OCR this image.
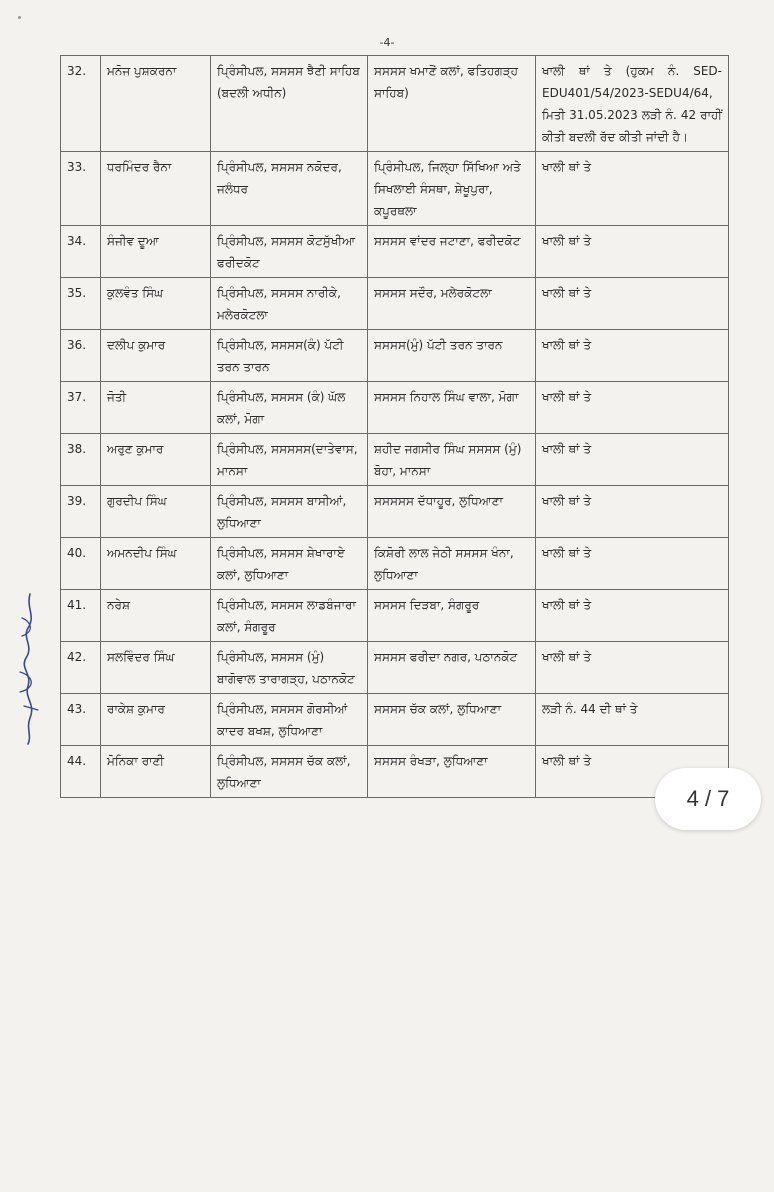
-4-
32.	ਮਨੋਜ ਪੁਸ਼ਕਰਨਾ	ਪ੍ਰਿੰਸੀਪਲ, ਸਸਸਸ ਝੈਣੀ ਸਾਹਿਬ (ਬਦਲੀ ਅਧੀਨ)	ਸਸਸਸ ਖਮਾਣੋਂ ਕਲਾਂ, ਫਤਿਹਗੜ੍ਹ ਸਾਹਿਬ)	ਖਾਲੀ ਥਾਂ ਤੇ (ਹੁਕਮ ਨੰ. SED-EDU401/54/2023-SEDU4/64, ਮਿਤੀ 31.05.2023 ਲੜੀ ਨੰ. 42 ਰਾਹੀਂ ਕੀਤੀ ਬਦਲੀ ਰੱਦ ਕੀਤੀ ਜਾਂਦੀ ਹੈ।
33.	ਧਰਮਿੰਦਰ ਰੈਨਾ	ਪ੍ਰਿੰਸੀਪਲ, ਸਸਸਸ ਨਕੋਦਰ, ਜਲੰਧਰ	ਪ੍ਰਿੰਸੀਪਲ, ਜਿਲ੍ਹਾ ਸਿੱਖਿਆ ਅਤੇ ਸਿਖਲਾਈ ਸੰਸਥਾ, ਸ਼ੇਖੂਪੁਰਾ, ਕਪੂਰਥਲਾ	ਖਾਲੀ ਥਾਂ ਤੇ
34.	ਸੰਜੀਵ ਦੂਆ	ਪ੍ਰਿੰਸੀਪਲ, ਸਸਸਸ ਕੋਟਸੁੱਖੀਆ ਫਰੀਦਕੋਟ	ਸਸਸਸ ਵਾਂਦਰ ਜਟਾਣਾ, ਫਰੀਦਕੋਟ	ਖਾਲੀ ਥਾਂ ਤੇ
35.	ਕੁਲਵੰਤ ਸਿੰਘ	ਪ੍ਰਿੰਸੀਪਲ, ਸਸਸਸ ਨਾਰੀਕੇ, ਮਲੇਰਕੋਟਲਾ	ਸਸਸਸ ਸਦੌਰ, ਮਲੇਰਕੋਟਲਾ	ਖਾਲੀ ਥਾਂ ਤੇ
36.	ਦਲੀਪ ਕੁਮਾਰ	ਪ੍ਰਿੰਸੀਪਲ, ਸਸਸਸ(ਕੰ) ਪੱਟੀ ਤਰਨ ਤਾਰਨ	ਸਸਸਸ(ਮੁੰ) ਪੱਟੀ ਤਰਨ ਤਾਰਨ	ਖਾਲੀ ਥਾਂ ਤੇ
37.	ਜੋਤੀ	ਪ੍ਰਿੰਸੀਪਲ, ਸਸਸਸ (ਕੰ) ਘੱਲ ਕਲਾਂ, ਮੋਗਾ	ਸਸਸਸ ਨਿਹਾਲ ਸਿੰਘ ਵਾਲਾ, ਮੋਗਾ	ਖਾਲੀ ਥਾਂ ਤੇ
38.	ਅਰੁਣ ਕੁਮਾਰ	ਪ੍ਰਿੰਸੀਪਲ, ਸਸਸਸਸ(ਦਾਤੇਵਾਸ, ਮਾਨਸਾ	ਸ਼ਹੀਦ ਜਗਸੀਰ ਸਿੰਘ ਸਸਸਸ (ਮੁੰ) ਬੋਹਾ, ਮਾਨਸਾ	ਖਾਲੀ ਥਾਂ ਤੇ
39.	ਗੁਰਦੀਪ ਸਿੰਘ	ਪ੍ਰਿੰਸੀਪਲ, ਸਸਸਸ ਬਾਸੀਆਂ, ਲੁਧਿਆਣਾ	ਸਸਸਸਸ ਦੱਧਾਹੂਰ, ਲੁਧਿਆਣਾ	ਖਾਲੀ ਥਾਂ ਤੇ
40.	ਅਮਨਦੀਪ ਸਿੰਘ	ਪ੍ਰਿੰਸੀਪਲ, ਸਸਸਸ ਸ਼ੇਖਾਰਾਏ ਕਲਾਂ, ਲੁਧਿਆਣਾ	ਕਿਸ਼ੋਰੀ ਲਾਲ ਜੇਠੀ ਸਸਸਸ ਖੰਨਾ, ਲੁਧਿਆਣਾ	ਖਾਲੀ ਥਾਂ ਤੇ
41.	ਨਰੇਸ਼	ਪ੍ਰਿੰਸੀਪਲ, ਸਸਸਸ ਲਾਡਬੰਜਾਰਾ ਕਲਾਂ, ਸੰਗਰੂਰ	ਸਸਸਸ ਦਿੜਬਾ, ਸੰਗਰੂਰ	ਖਾਲੀ ਥਾਂ ਤੇ
42.	ਸਲਵਿੰਦਰ ਸਿੰਘ	ਪ੍ਰਿੰਸੀਪਲ, ਸਸਸਸ (ਮੁੰ) ਬਾਗੋਵਾਲ ਤਾਰਾਗੜ੍ਹ, ਪਠਾਨਕੋਟ	ਸਸਸਸ ਫਰੀਦਾ ਨਗਰ, ਪਠਾਨਕੋਟ	ਖਾਲੀ ਥਾਂ ਤੇ
43.	ਰਾਕੇਸ਼ ਕੁਮਾਰ	ਪ੍ਰਿੰਸੀਪਲ, ਸਸਸਸ ਗੋਰਸੀਆਂ ਕਾਦਰ ਬਖਸ਼, ਲੁਧਿਆਣਾ	ਸਸਸਸ ਚੱਕ ਕਲਾਂ, ਲੁਧਿਆਣਾ	ਲੜੀ ਨੰ. 44 ਦੀ ਥਾਂ ਤੇ
44.	ਮੋਨਿਕਾ ਰਾਣੀ	ਪ੍ਰਿੰਸੀਪਲ, ਸਸਸਸ ਚੱਕ ਕਲਾਂ, ਲੁਧਿਆਣਾ	ਸਸਸਸ ਰੰਖੜਾ, ਲੁਧਿਆਣਾ	ਖਾਲੀ ਥਾਂ ਤੇ
4 / 7
